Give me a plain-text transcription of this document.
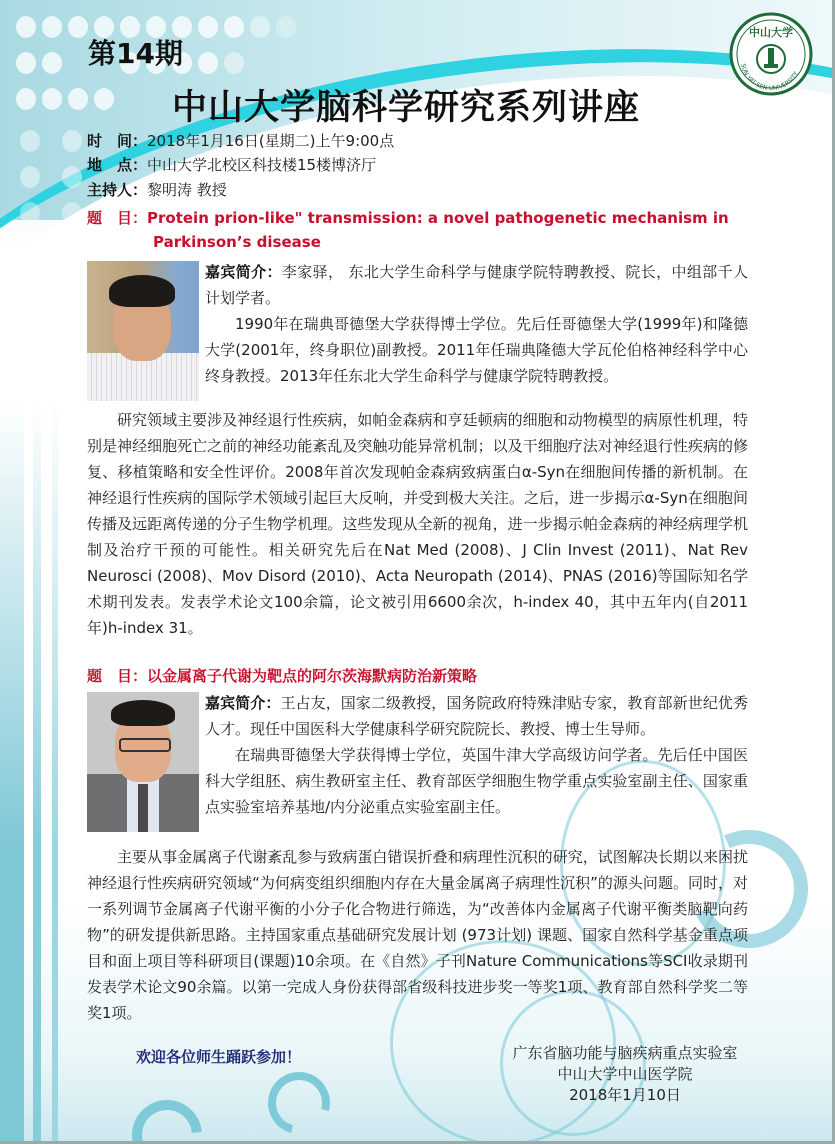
第14期
中山大学脑科学研究系列讲座
中山大学
SUN YAT-SEN UNIVERSITY
时　间：2018年1月16日(星期二)上午9:00点
地　点：中山大学北校区科技楼15楼博济厅
主持人：黎明涛 教授
题　目：Protein prion-like" transmission: a novel pathogenetic mechanism in
Parkinson’s disease
嘉宾简介：李家驿， 东北大学生命科学与健康学院特聘教授、院长，中组部千人计划学者。
1990年在瑞典哥德堡大学获得博士学位。先后任哥德堡大学(1999年)和隆德大学(2001年，终身职位)副教授。2011年任瑞典隆德大学瓦伦伯格神经科学中心终身教授。2013年任东北大学生命科学与健康学院特聘教授。
研究领域主要涉及神经退行性疾病，如帕金森病和亨廷顿病的细胞和动物模型的病原性机理，特别是神经细胞死亡之前的神经功能紊乱及突触功能异常机制；以及干细胞疗法对神经退行性疾病的修复、移植策略和安全性评价。2008年首次发现帕金森病致病蛋白α-Syn在细胞间传播的新机制。在神经退行性疾病的国际学术领域引起巨大反响，并受到极大关注。之后，进一步揭示α-Syn在细胞间传播及远距离传递的分子生物学机理。这些发现从全新的视角，进一步揭示帕金森病的神经病理学机制及治疗干预的可能性。相关研究先后在Nat Med (2008)、J Clin Invest (2011)、Nat Rev Neurosci (2008)、Mov Disord (2010)、Acta Neuropath (2014)、PNAS (2016)等国际知名学术期刊发表。发表学术论文100余篇，论文被引用6600余次，h-index 40，其中五年内(自2011年)h-index 31。
题　目：以金属离子代谢为靶点的阿尔茨海默病防治新策略
嘉宾简介：王占友，国家二级教授，国务院政府特殊津贴专家，教育部新世纪优秀人才。现任中国医科大学健康科学研究院院长、教授、博士生导师。
在瑞典哥德堡大学获得博士学位，英国牛津大学高级访问学者。先后任中国医科大学组胚、病生教研室主任、教育部医学细胞生物学重点实验室副主任、国家重点实验室培养基地/内分泌重点实验室副主任。
主要从事金属离子代谢紊乱参与致病蛋白错误折叠和病理性沉积的研究，试图解决长期以来困扰神经退行性疾病研究领域“为何病变组织细胞内存在大量金属离子病理性沉积”的源头问题。同时，对一系列调节金属离子代谢平衡的小分子化合物进行筛选，为“改善体内金属离子代谢平衡类脑靶向药物”的研发提供新思路。主持国家重点基础研究发展计划 (973计划) 课题、国家自然科学基金重点项目和面上项目等科研项目(课题)10余项。在《自然》子刊Nature Communications等SCI收录期刊发表学术论文90余篇。以第一完成人身份获得部省级科技进步奖一等奖1项、教育部自然科学奖二等奖1项。
欢迎各位师生踊跃参加！	广东省脑功能与脑疾病重点实验室
中山大学中山医学院
2018年1月10日
